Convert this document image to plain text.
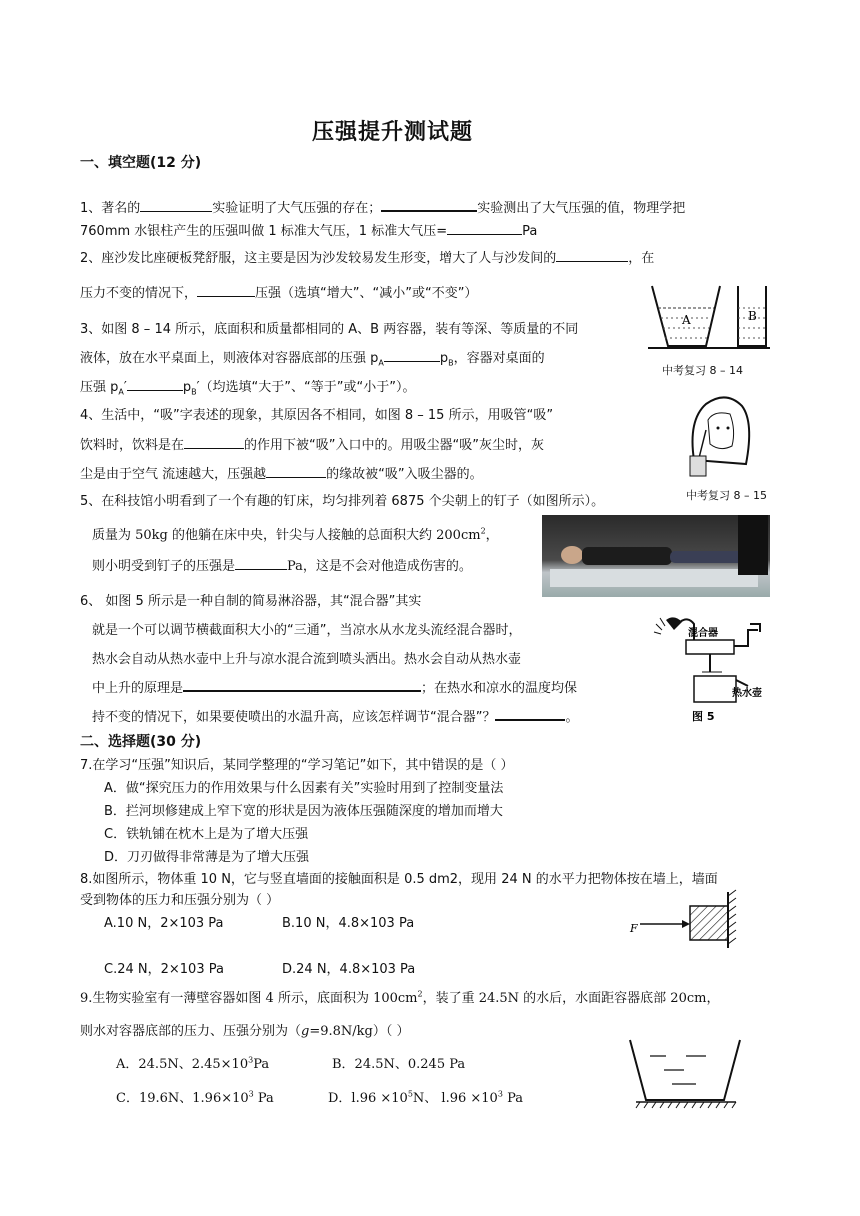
压强提升测试题
一、填空题(12 分)
1、著名的	实验证明了大气压强的存在；	实验测出了大气压强的值，物理学把
760mm 水银柱产生的压强叫做 1 标准大气压，1 标准大气压=	Pa
2、座沙发比座硬板凳舒服，这主要是因为沙发较易发生形变，增大了人与沙发间的	，在
压力不变的情况下，	压强（选填“增大”、“减小”或“不变”）
3、如图 8 – 14 所示，底面积和质量都相同的 A、B 两容器，装有等深、等质量的不同
液体，放在水平桌面上，则液体对容器底部的压强 $p_A$	$p_B$，容器对桌面的
压强 $p_A'$	$p_B'$（均选填“大于”、“等于”或“小于”）。
A	B
中考复习 8 – 14
4、生活中，“吸”字表述的现象，其原因各不相同，如图 8 – 15 所示，用吸管“吸”
饮料时，饮料是在	的作用下被“吸”入口中的。用吸尘器“吸”灰尘时，灰
尘是由于空气 流速越大，压强越	的缘故被“吸”入吸尘器的。
中考复习 8 – 15
5、在科技馆小明看到了一个有趣的钉床，均匀排列着 6875 个尖朝上的钉子（如图所示）。
质量为 50kg 的他躺在床中央，针尖与人接触的总面积大约 $200cm^2$，
则小明受到钉子的压强是	Pa，这是不会对他造成伤害的。
6、 如图 5 所示是一种自制的简易淋浴器，其“混合器”其实
就是一个可以调节横截面积大小的“三通”，当凉水从水龙头流经混合器时，
热水会自动从热水壶中上升与凉水混合流到喷头洒出。热水会自动从热水壶
中上升的原理是	；在热水和凉水的温度均保
持不变的情况下，如果要使喷出的水温升高，应该怎样调节“混合器”？	。
混合器
热水壶
图 5
二、选择题(30 分)
7.在学习“压强”知识后，某同学整理的“学习笔记”如下，其中错误的是（ ）
A．做“探究压力的作用效果与什么因素有关”实验时用到了控制变量法
B．拦河坝修建成上窄下宽的形状是因为液体压强随深度的增加而增大
C．铁轨铺在枕木上是为了增大压强
D．刀刃做得非常薄是为了增大压强
8.如图所示，物体重 10 N，它与竖直墙面的接触面积是 0.5 dm2，现用 24 N 的水平力把物体按在墙上，墙面
受到物体的压力和压强分别为（ ）
A.10 N，2×103 Pa	B.10 N，4.8×103 Pa
C.24 N，2×103 Pa	D.24 N，4.8×103 Pa
F
9.生物实验室有一薄壁容器如图 4 所示，底面积为 $100cm^2$，装了重 24.5N 的水后，水面距容器底部 20cm，
则水对容器底部的压力、压强分别为（g=9.8N/kg）（ ）
A．24.5N、$2.45\times 10^3Pa$	B．24.5N、0.245 Pa
C．19.6N、$1.96\times 10^3$ Pa	D．$l.96 \times 10^5N$、 $l.96 \times 10^3$ Pa
